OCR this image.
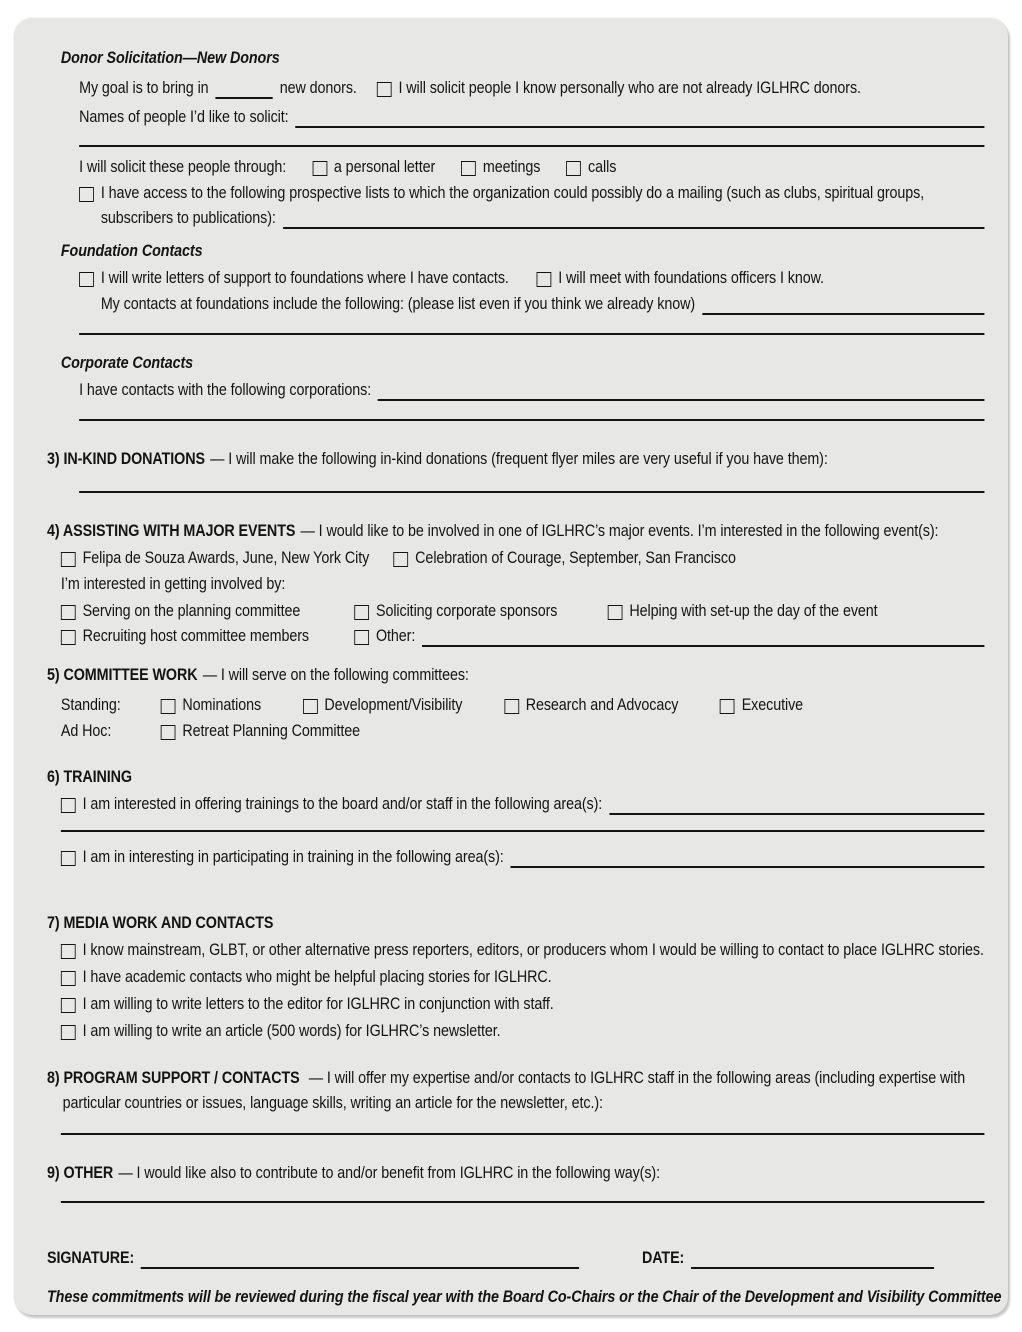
Donor Solicitation—New Donors
My goal is to bring in	new donors.	I will solicit people I know personally who are not already IGLHRC donors.
Names of people I’d like to solicit:
I will solicit these people through:	a personal letter	meetings	calls
I have access to the following prospective lists to which the organization could possibly do a mailing (such as clubs, spiritual groups,
subscribers to publications):
Foundation Contacts
I will write letters of support to foundations where I have contacts.	I will meet with foundations officers I know.
My contacts at foundations include the following: (please list even if you think we already know)
Corporate Contacts
I have contacts with the following corporations:
3) IN-KIND DONATIONS — I will make the following in-kind donations (frequent flyer miles are very useful if you have them):
4) ASSISTING WITH MAJOR EVENTS — I would like to be involved in one of IGLHRC’s major events. I’m interested in the following event(s):
Felipa de Souza Awards, June, New York City	Celebration of Courage, September, San Francisco
I’m interested in getting involved by:
Serving on the planning committee	Soliciting corporate sponsors	Helping with set-up the day of the event
Recruiting host committee members	Other:
5) COMMITTEE WORK — I will serve on the following committees:
Standing:	Nominations	Development/Visibility	Research and Advocacy	Executive
Ad Hoc:	Retreat Planning Committee
6) TRAINING
I am interested in offering trainings to the board and/or staff in the following area(s):
I am in interesting in participating in training in the following area(s):
7) MEDIA WORK AND CONTACTS
I know mainstream, GLBT, or other alternative press reporters, editors, or producers whom I would be willing to contact to place IGLHRC stories.
I have academic contacts who might be helpful placing stories for IGLHRC.
I am willing to write letters to the editor for IGLHRC in conjunction with staff.
I am willing to write an article (500 words) for IGLHRC’s newsletter.

8) PROGRAM SUPPORT / CONTACTS — I will offer my expertise and/or contacts to IGLHRC staff in the following areas (including expertise with particular countries or issues, language skills, writing an article for the newsletter, etc.):

9) OTHER — I would like also to contribute to and/or benefit from IGLHRC in the following way(s):
SIGNATURE:	DATE:
These commitments will be reviewed during the fiscal year with the Board Co-Chairs or the Chair of the Development and Visibility Committee
